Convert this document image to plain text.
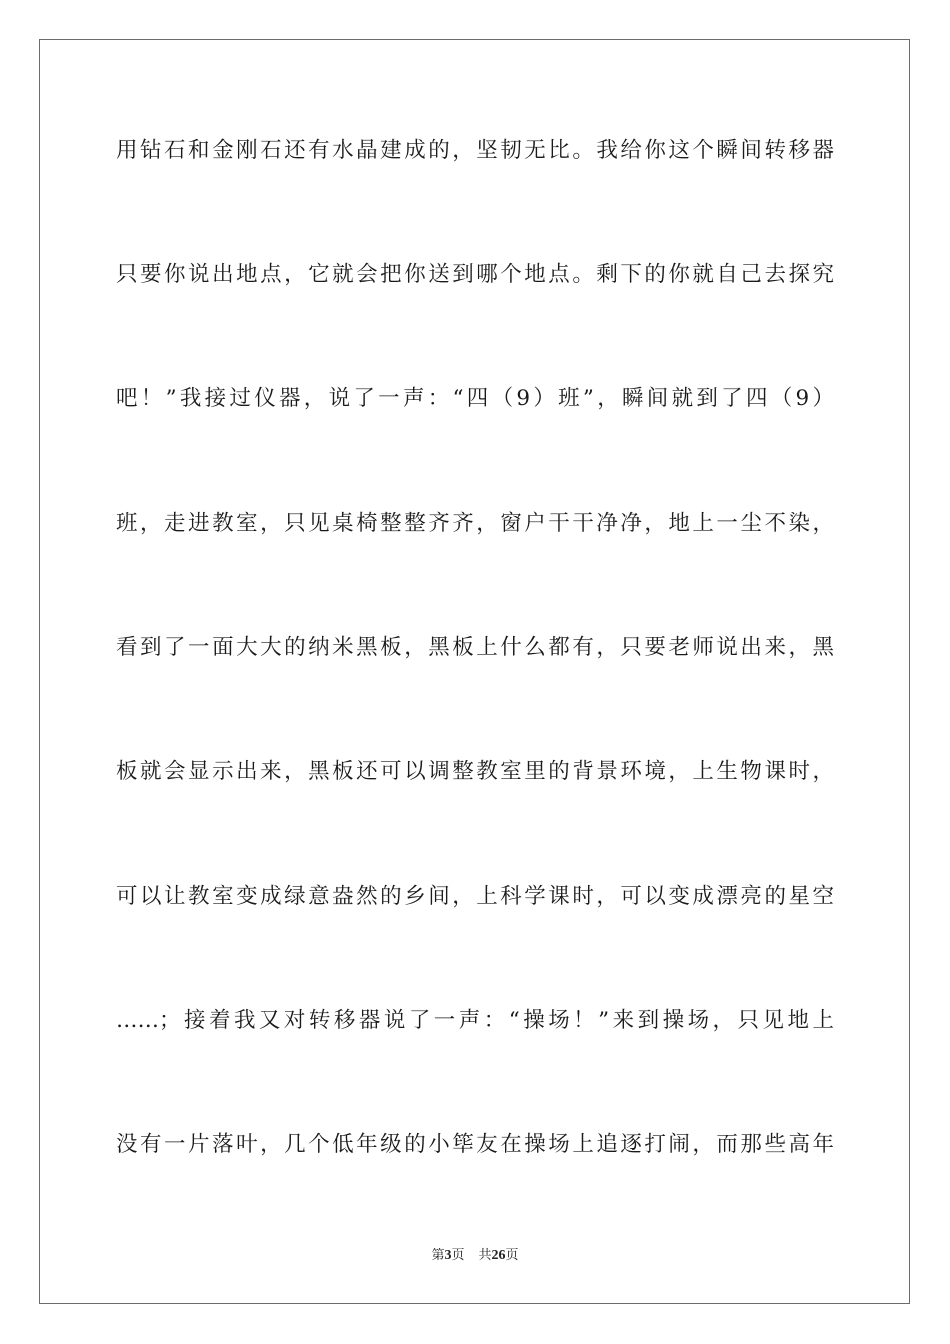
用钻石和金刚石还有水晶建成的，坚韧无比。我给你这个瞬间转移器
只要你说出地点，它就会把你送到哪个地点。剩下的你就自己去探究
吧！”我接过仪器，说了一声：“四（9）班”，瞬间就到了四（9）
班，走进教室，只见桌椅整整齐齐，窗户干干净净，地上一尘不染，
看到了一面大大的纳米黑板，黑板上什么都有，只要老师说出来，黑
板就会显示出来，黑板还可以调整教室里的背景环境，上生物课时，
可以让教室变成绿意盎然的乡间，上科学课时，可以变成漂亮的星空
……；接着我又对转移器说了一声：“操场！”来到操场，只见地上
没有一片落叶，几个低年级的小筚友在操场上追逐打闹，而那些高年
第3页 共26页
